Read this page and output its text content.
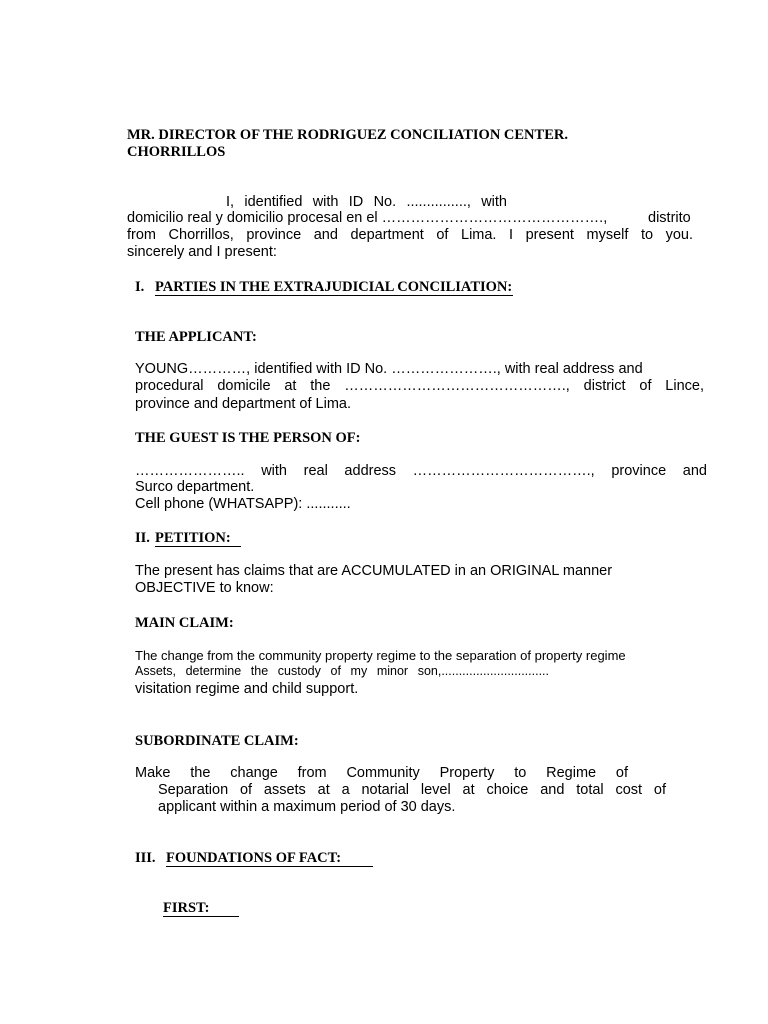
MR. DIRECTOR OF THE RODRIGUEZ CONCILIATION CENTER.
CHORRILLOS
I, identified with ID No. ..............., with
domicilio real y domicilio procesal en el ……………………………………….,	distrito
from Chorrillos, province and department of Lima. I present myself to you.
sincerely and I present:
I. PARTIES IN THE EXTRAJUDICIAL CONCILIATION:
THE APPLICANT:
YOUNG…………, identified with ID No. …………………., with real address and
procedural domicile at the ………………………………………., district of Lince,
province and department of Lima.
THE GUEST IS THE PERSON OF:
………………….. with real address ………………………………., province and
Surco department.
Cell phone (WHATSAPP): ...........
II. PETITION:
The present has claims that are ACCUMULATED in an ORIGINAL manner
OBJECTIVE to know:
MAIN CLAIM:
The change from the community property regime to the separation of property regime
Assets, determine the custody of my minor son,...............................
visitation regime and child support.
SUBORDINATE CLAIM:
Make the change from Community Property to Regime of
Separation of assets at a notarial level at choice and total cost of
applicant within a maximum period of 30 days.
III. FOUNDATIONS OF FACT:
FIRST:
